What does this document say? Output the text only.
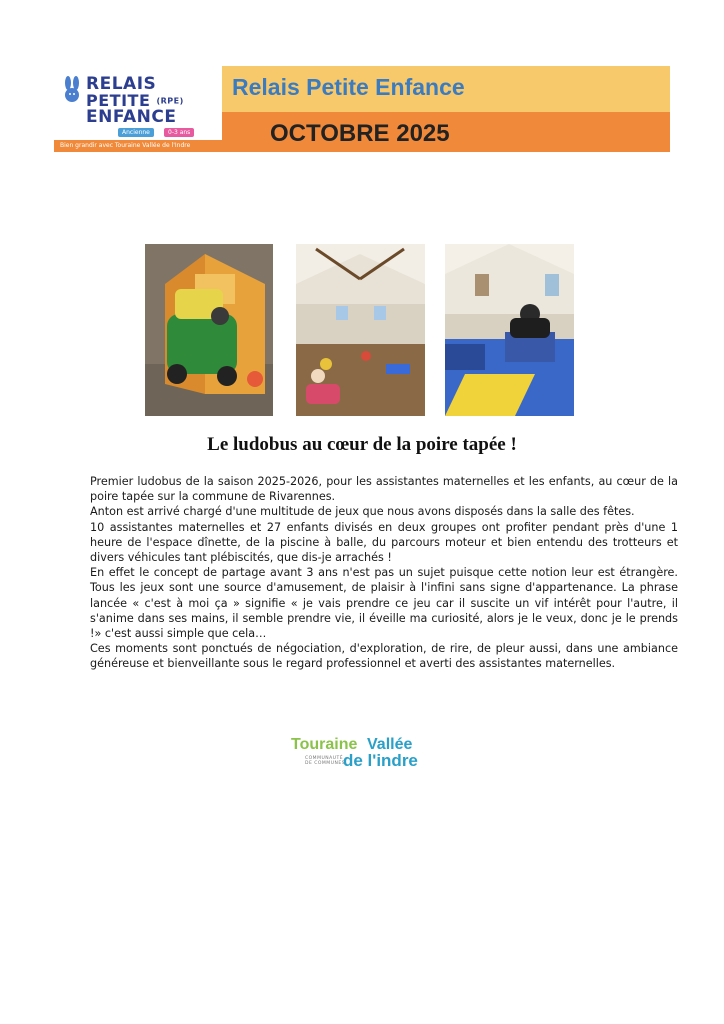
RELAIS
PETITE (RPE)
ENFANCE
Ancienne	0-3 ans
Bien grandir avec Touraine Vallée de l'Indre
Relais Petite Enfance
OCTOBRE 2025
Le ludobus au cœur de la poire tapée !

Premier ludobus de la saison 2025-2026, pour les assistantes maternelles et les enfants, au cœur de la poire tapée sur la commune de Rivarennes.

Anton est arrivé chargé d'une multitude de jeux que nous avons disposés dans la salle des fêtes.

10 assistantes maternelles et 27 enfants divisés en deux groupes ont profiter pendant près d'une 1 heure de l'espace dînette, de la piscine à balle, du parcours moteur et bien entendu des trotteurs et divers véhicules tant plébiscités, que dis-je arrachés !

En effet le concept de partage avant 3 ans n'est pas un sujet puisque cette notion leur est étrangère. Tous les jeux sont une source d'amusement, de plaisir à l'infini sans signe d'appartenance. La phrase lancée « c'est à moi ça » signifie « je vais prendre ce jeu car il suscite un vif intérêt pour l'autre, il s'anime dans ses mains, il semble prendre vie, il éveille ma curiosité, alors je le veux, donc je le prends !» c'est aussi simple que cela…

Ces moments sont ponctués de négociation, d'exploration, de rire, de pleur aussi, dans une ambiance généreuse et bienveillante sous le regard professionnel et averti des assistantes maternelles.

Touraine Vallée
COMMUNAUTÉ
DE COMMUNES
de l'indre
